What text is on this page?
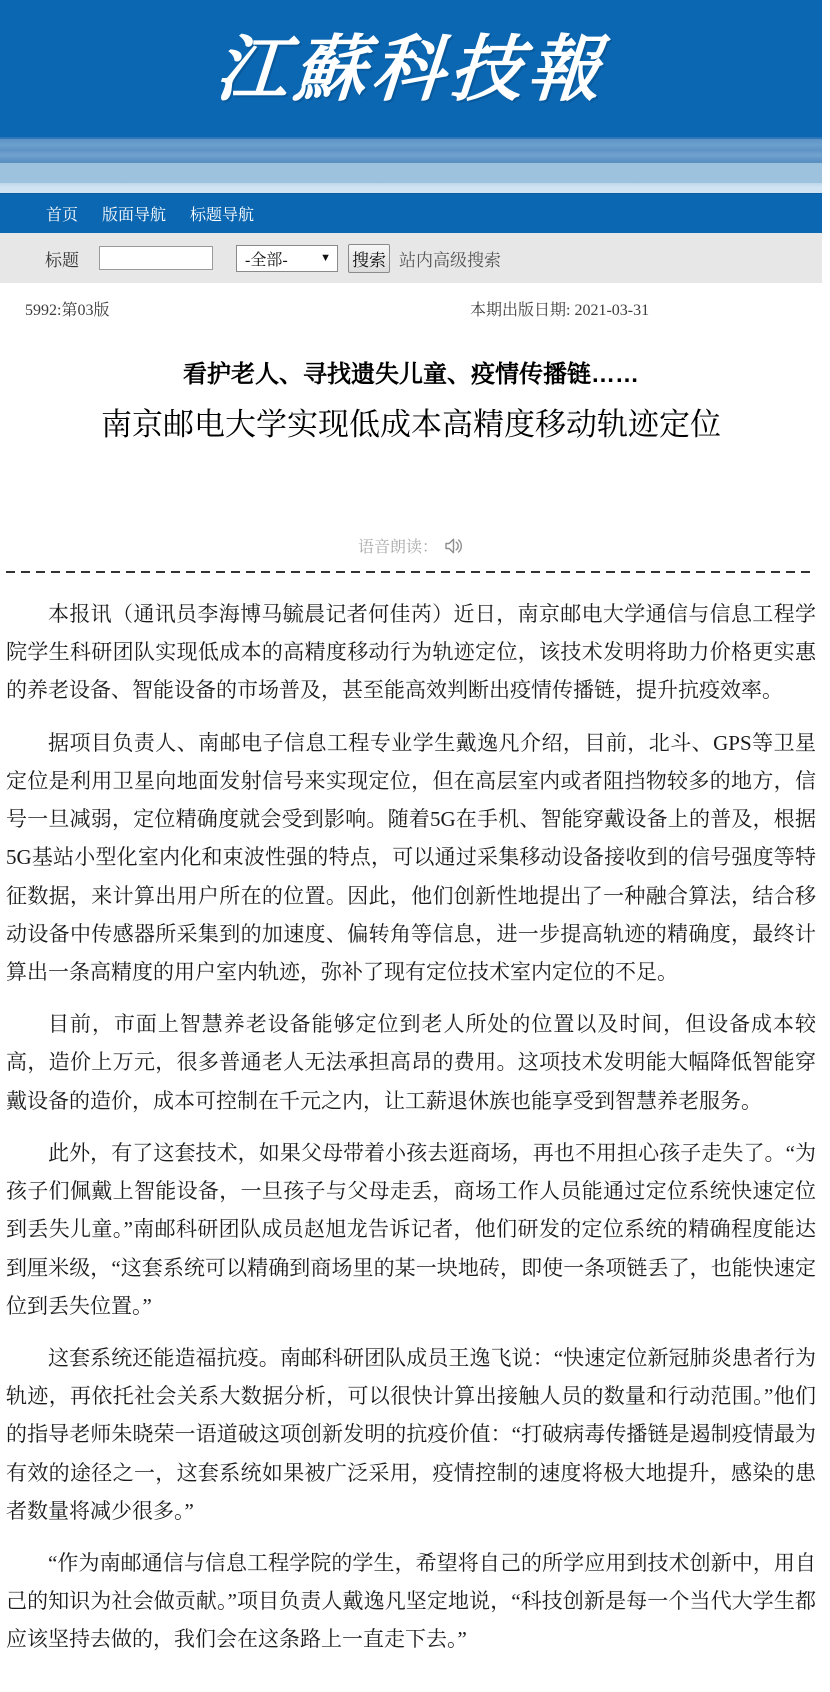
江蘇科技報
首页 版面导航 标题导航
标题	-全部-	▼ 搜索 站内高级搜索
5992:第03版	本期出版日期: 2021-03-31
看护老人、寻找遗失儿童、疫情传播链……
南京邮电大学实现低成本高精度移动轨迹定位
语音朗读：

本报讯（通讯员李海博马毓晨记者何佳芮）近日，南京邮电大学通信与信息工程学院学生科研团队实现低成本的高精度移动行为轨迹定位，该技术发明将助力价格更实惠的养老设备、智能设备的市场普及，甚至能高效判断出疫情传播链，提升抗疫效率。

据项目负责人、南邮电子信息工程专业学生戴逸凡介绍，目前，北斗、GPS等卫星定位是利用卫星向地面发射信号来实现定位，但在高层室内或者阻挡物较多的地方，信号一旦减弱，定位精确度就会受到影响。随着5G在手机、智能穿戴设备上的普及，根据5G基站小型化室内化和束波性强的特点，可以通过采集移动设备接收到的信号强度等特征数据，来计算出用户所在的位置。因此，他们创新性地提出了一种融合算法，结合移动设备中传感器所采集到的加速度、偏转角等信息，进一步提高轨迹的精确度，最终计算出一条高精度的用户室内轨迹，弥补了现有定位技术室内定位的不足。

目前，市面上智慧养老设备能够定位到老人所处的位置以及时间，但设备成本较高，造价上万元，很多普通老人无法承担高昂的费用。这项技术发明能大幅降低智能穿戴设备的造价，成本可控制在千元之内，让工薪退休族也能享受到智慧养老服务。

此外，有了这套技术，如果父母带着小孩去逛商场，再也不用担心孩子走失了。“为孩子们佩戴上智能设备，一旦孩子与父母走丢，商场工作人员能通过定位系统快速定位到丢失儿童。”南邮科研团队成员赵旭龙告诉记者，他们研发的定位系统的精确程度能达到厘米级，“这套系统可以精确到商场里的某一块地砖，即使一条项链丢了，也能快速定位到丢失位置。”

这套系统还能造福抗疫。南邮科研团队成员王逸飞说：“快速定位新冠肺炎患者行为轨迹，再依托社会关系大数据分析，可以很快计算出接触人员的数量和行动范围。”他们的指导老师朱晓荣一语道破这项创新发明的抗疫价值：“打破病毒传播链是遏制疫情最为有效的途径之一，这套系统如果被广泛采用，疫情控制的速度将极大地提升，感染的患者数量将减少很多。”

“作为南邮通信与信息工程学院的学生，希望将自己的所学应用到技术创新中，用自己的知识为社会做贡献。”项目负责人戴逸凡坚定地说，“科技创新是每一个当代大学生都应该坚持去做的，我们会在这条路上一直走下去。”
